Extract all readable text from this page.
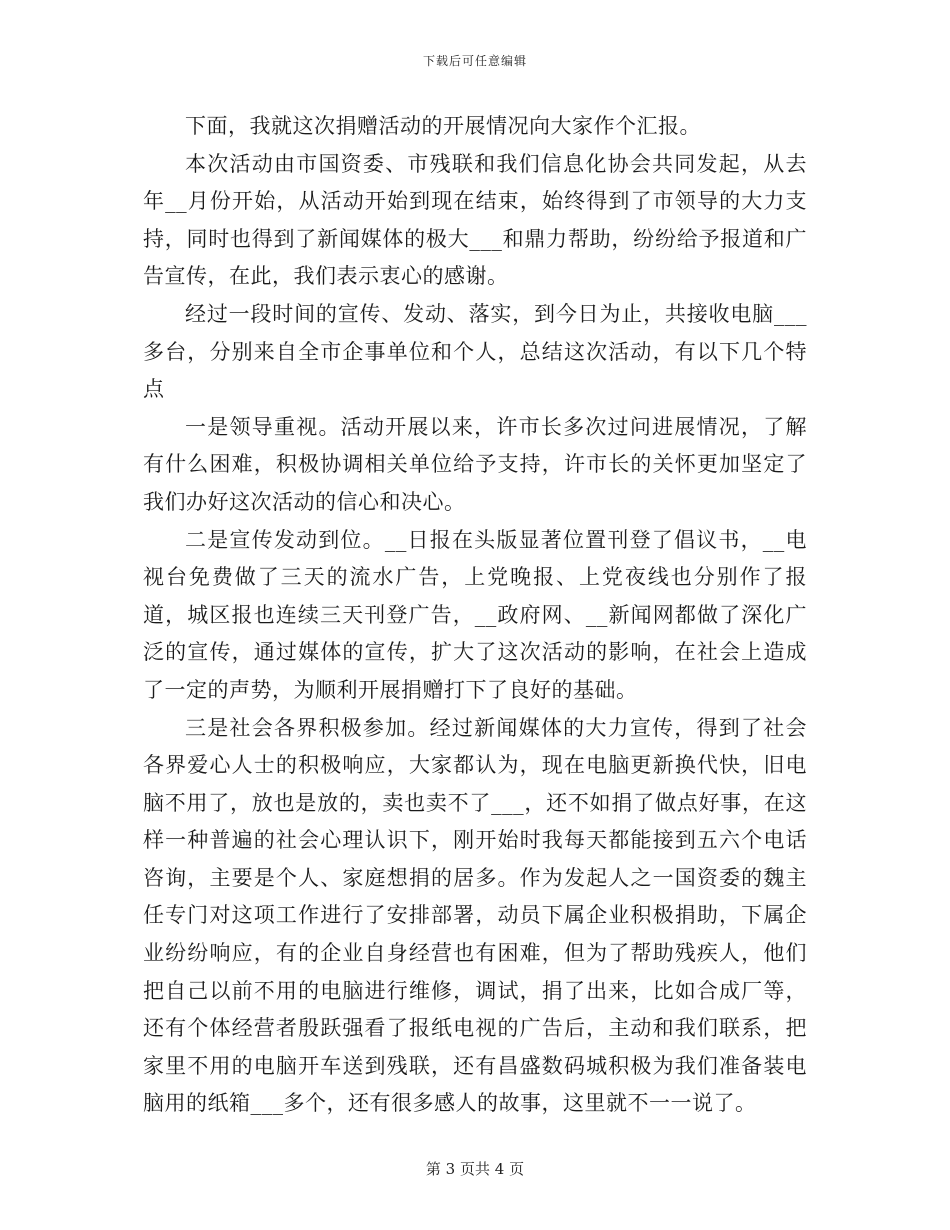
下载后可任意编辑

下面，我就这次捐赠活动的开展情况向大家作个汇报。

本次活动由市国资委、市残联和我们信息化协会共同发起，从去年__月份开始，从活动开始到现在结束，始终得到了市领导的大力支持，同时也得到了新闻媒体的极大___和鼎力帮助，纷纷给予报道和广告宣传，在此，我们表示衷心的感谢。

经过一段时间的宣传、发动、落实，到今日为止，共接收电脑___多台，分别来自全市企事单位和个人，总结这次活动，有以下几个特点

一是领导重视。活动开展以来，许市长多次过问进展情况，了解有什么困难，积极协调相关单位给予支持，许市长的关怀更加坚定了我们办好这次活动的信心和决心。

二是宣传发动到位。__日报在头版显著位置刊登了倡议书，__电视台免费做了三天的流水广告，上党晚报、上党夜线也分别作了报道，城区报也连续三天刊登广告，__政府网、__新闻网都做了深化广泛的宣传，通过媒体的宣传，扩大了这次活动的影响，在社会上造成了一定的声势，为顺利开展捐赠打下了良好的基础。

三是社会各界积极参加。经过新闻媒体的大力宣传，得到了社会各界爱心人士的积极响应，大家都认为，现在电脑更新换代快，旧电脑不用了，放也是放的，卖也卖不了___，还不如捐了做点好事，在这样一种普遍的社会心理认识下，刚开始时我每天都能接到五六个电话咨询，主要是个人、家庭想捐的居多。作为发起人之一国资委的魏主任专门对这项工作进行了安排部署，动员下属企业积极捐助，下属企业纷纷响应，有的企业自身经营也有困难，但为了帮助残疾人，他们把自己以前不用的电脑进行维修，调试，捐了出来，比如合成厂等，还有个体经营者殷跃强看了报纸电视的广告后，主动和我们联系，把家里不用的电脑开车送到残联，还有昌盛数码城积极为我们准备装电脑用的纸箱___多个，还有很多感人的故事，这里就不一一说了。

第 3 页共 4 页
